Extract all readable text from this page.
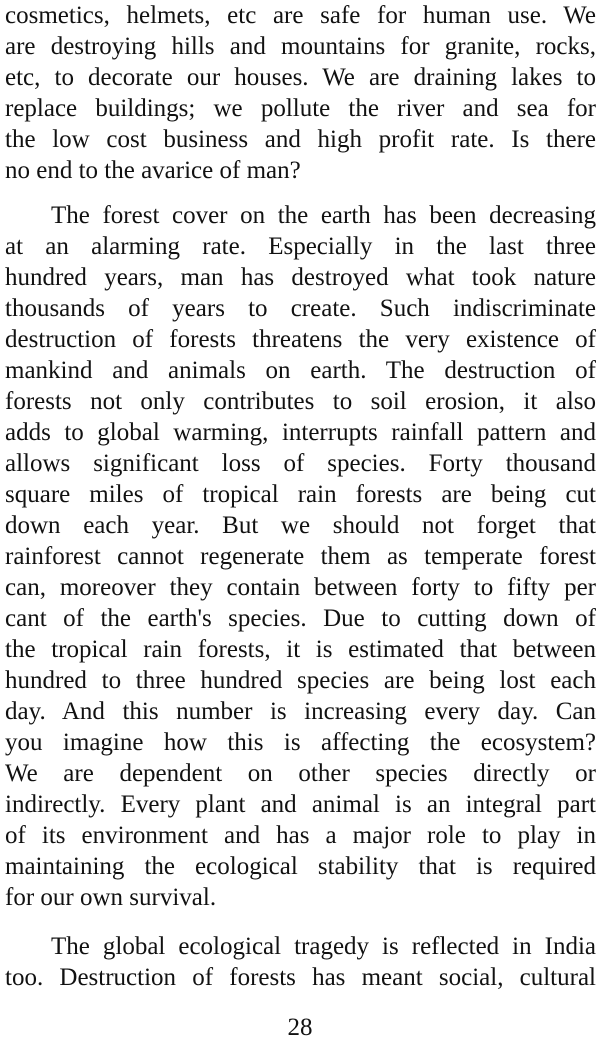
cosmetics, helmets, etc are safe for human use. We
are destroying hills and mountains for granite, rocks,
etc, to decorate our houses. We are draining lakes to
replace buildings; we pollute the river and sea for
the low cost business and high profit rate. Is there
no end to the avarice of man?
The forest cover on the earth has been decreasing
at an alarming rate. Especially in the last three
hundred years, man has destroyed what took nature
thousands of years to create. Such indiscriminate
destruction of forests threatens the very existence of
mankind and animals on earth. The destruction of
forests not only contributes to soil erosion, it also
adds to global warming, interrupts rainfall pattern and
allows significant loss of species. Forty thousand
square miles of tropical rain forests are being cut
down each year. But we should not forget that
rainforest cannot regenerate them as temperate forest
can, moreover they contain between forty to fifty per
cant of the earth's species. Due to cutting down of
the tropical rain forests, it is estimated that between
hundred to three hundred species are being lost each
day. And this number is increasing every day. Can
you imagine how this is affecting the ecosystem?
We are dependent on other species directly or
indirectly. Every plant and animal is an integral part
of its environment and has a major role to play in
maintaining the ecological stability that is required
for our own survival.
The global ecological tragedy is reflected in India
too. Destruction of forests has meant social, cultural
28
